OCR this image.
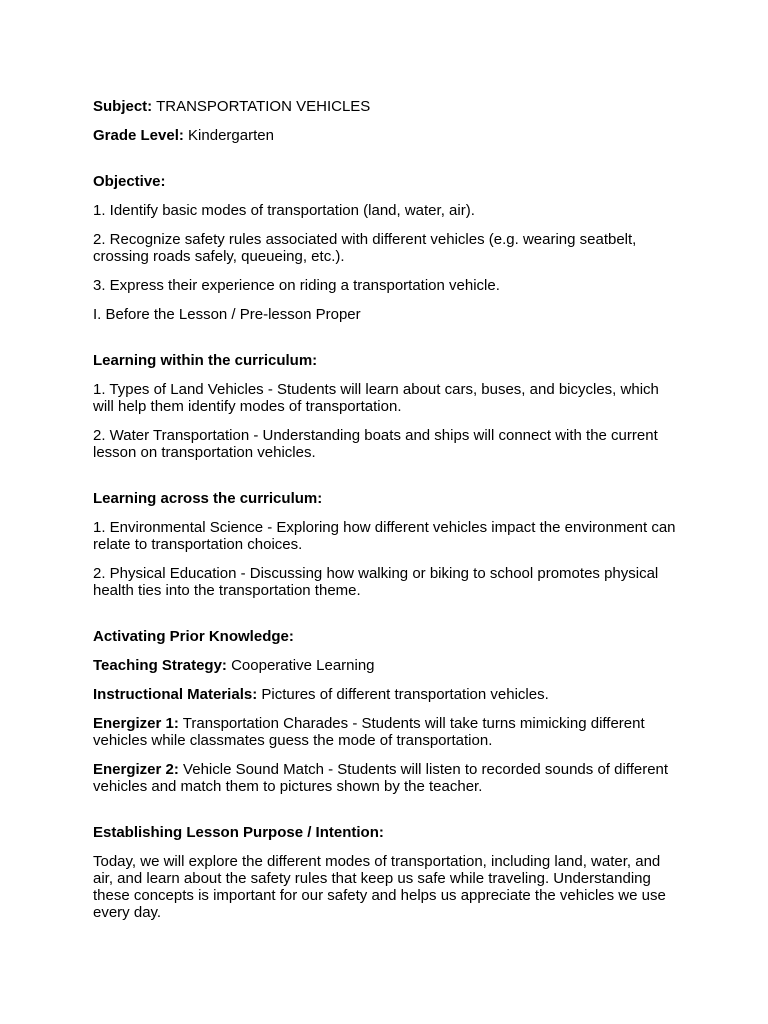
Subject: TRANSPORTATION VEHICLES

Grade Level: Kindergarten

Objective:

1. Identify basic modes of transportation (land, water, air).

2. Recognize safety rules associated with different vehicles (e.g. wearing seatbelt, crossing roads safely, queueing, etc.).

3. Express their experience on riding a transportation vehicle.

I. Before the Lesson / Pre-lesson Proper

Learning within the curriculum:

1. Types of Land Vehicles - Students will learn about cars, buses, and bicycles, which will help them identify modes of transportation.

2. Water Transportation - Understanding boats and ships will connect with the current lesson on transportation vehicles.

Learning across the curriculum:

1. Environmental Science - Exploring how different vehicles impact the environment can relate to transportation choices.

2. Physical Education - Discussing how walking or biking to school promotes physical health ties into the transportation theme.

Activating Prior Knowledge:

Teaching Strategy: Cooperative Learning

Instructional Materials: Pictures of different transportation vehicles.

Energizer 1: Transportation Charades - Students will take turns mimicking different vehicles while classmates guess the mode of transportation.

Energizer 2: Vehicle Sound Match - Students will listen to recorded sounds of different vehicles and match them to pictures shown by the teacher.

Establishing Lesson Purpose / Intention:

Today, we will explore the different modes of transportation, including land, water, and air, and learn about the safety rules that keep us safe while traveling. Understanding these concepts is important for our safety and helps us appreciate the vehicles we use every day.
